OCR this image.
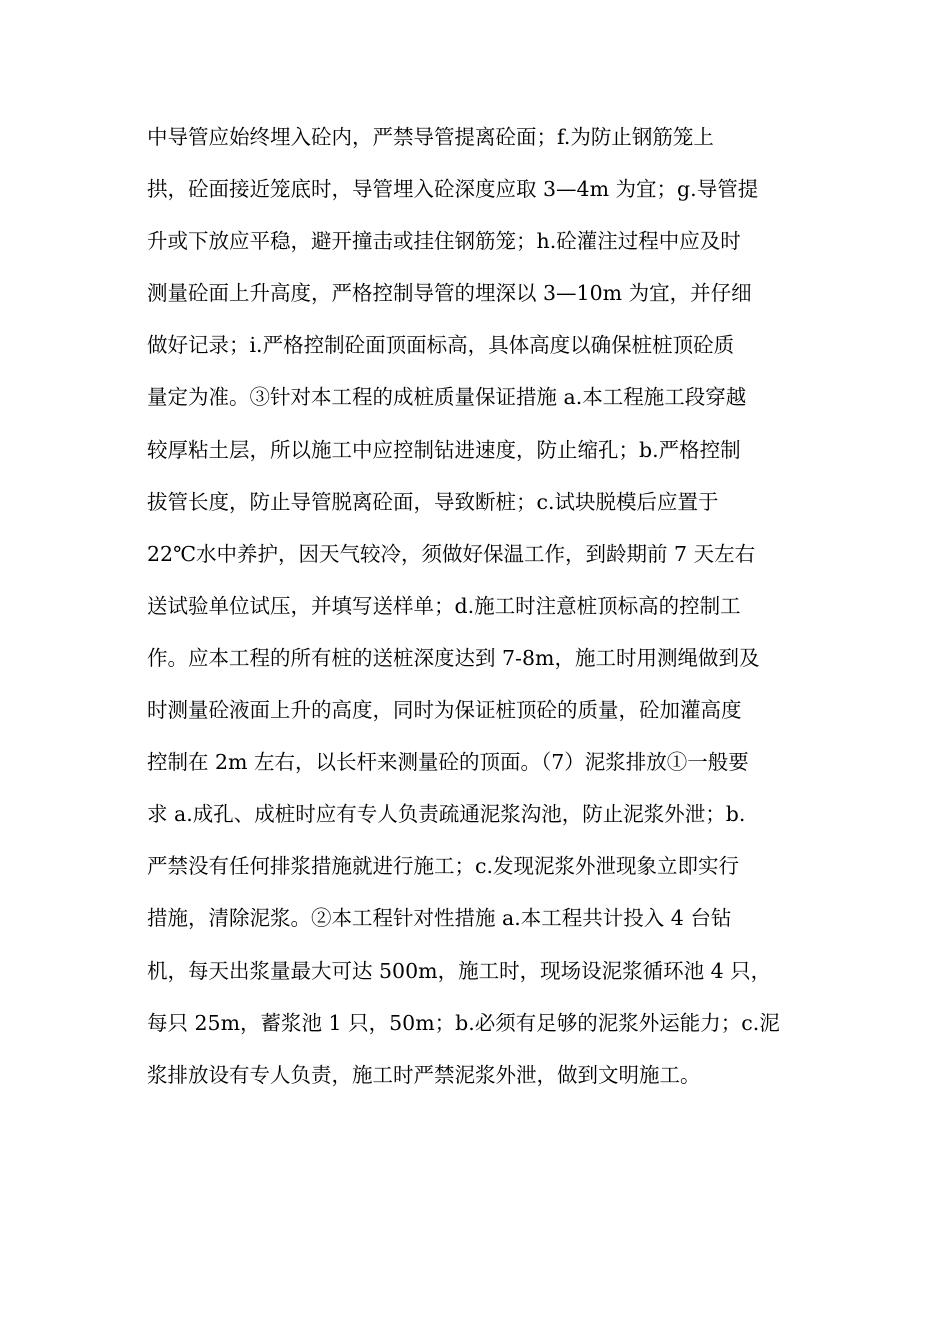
中导管应始终埋入砼内，严禁导管提离砼面；f.为防止钢筋笼上
拱，砼面接近笼底时，导管埋入砼深度应取 3—4m 为宜；g.导管提
升或下放应平稳，避开撞击或挂住钢筋笼；h.砼灌注过程中应及时
测量砼面上升高度，严格控制导管的埋深以 3—10m 为宜，并仔细
做好记录；i.严格控制砼面顶面标高，具体高度以确保桩桩顶砼质
量定为准。③针对本工程的成桩质量保证措施 a.本工程施工段穿越
较厚粘土层，所以施工中应控制钻进速度，防止缩孔；b.严格控制
拔管长度，防止导管脱离砼面，导致断桩；c.试块脱模后应置于
22℃水中养护，因天气较冷，须做好保温工作，到龄期前 7 天左右
送试验单位试压，并填写送样单；d.施工时注意桩顶标高的控制工
作。应本工程的所有桩的送桩深度达到 7-8m，施工时用测绳做到及
时测量砼液面上升的高度，同时为保证桩顶砼的质量，砼加灌高度
控制在 2m 左右，以长杆来测量砼的顶面。（7）泥浆排放①一般要
求 a.成孔、成桩时应有专人负责疏通泥浆沟池，防止泥浆外泄；b.
严禁没有任何排浆措施就进行施工；c.发现泥浆外泄现象立即实行
措施，清除泥浆。②本工程针对性措施 a.本工程共计投入 4 台钻
机，每天出浆量最大可达 500m，施工时，现场设泥浆循环池 4 只，
每只 25m，蓄浆池 1 只，50m；b.必须有足够的泥浆外运能力；c.泥
浆排放设有专人负责，施工时严禁泥浆外泄，做到文明施工。
